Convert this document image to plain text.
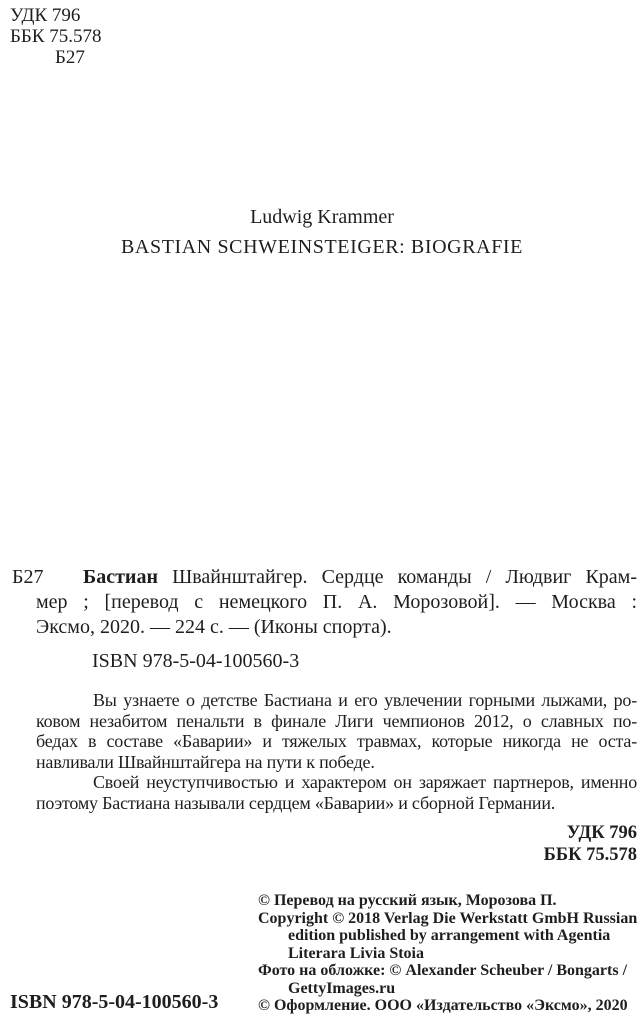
УДК 796
ББК 75.578
Б27
Ludwig Krammer
BASTIAN SCHWEINSTEIGER: BIOGRAFIE
Б27	Бастиан Швайнштайгер. Сердце команды / Людвиг Крам-
мер ; [перевод с немецкого П. А. Морозовой]. — Москва :
Эксмо, 2020. — 224 с. — (Иконы спорта).
ISBN 978-5-04-100560-3
Вы узнаете о детстве Бастиана и его увлечении горными лыжами, ро-
ковом незабитом пенальти в финале Лиги чемпионов 2012, о славных по-
бедах в составе «Баварии» и тяжелых травмах, которые никогда не оста-
навливали Швайнштайгера на пути к победе.
Своей неуступчивостью и характером он заряжает партнеров, именно
поэтому Бастиана называли сердцем «Баварии» и сборной Германии.
УДК 796
ББК 75.578
© Перевод на русский язык, Морозова П.
Copyright © 2018 Verlag Die Werkstatt GmbH Russian
edition published by arrangement with Agentia
Literara Livia Stoia
Фото на обложке: © Alexander Scheuber / Bongarts /
GettyImages.ru
© Оформление. ООО «Издательство «Эксмо», 2020
ISBN 978-5-04-100560-3
